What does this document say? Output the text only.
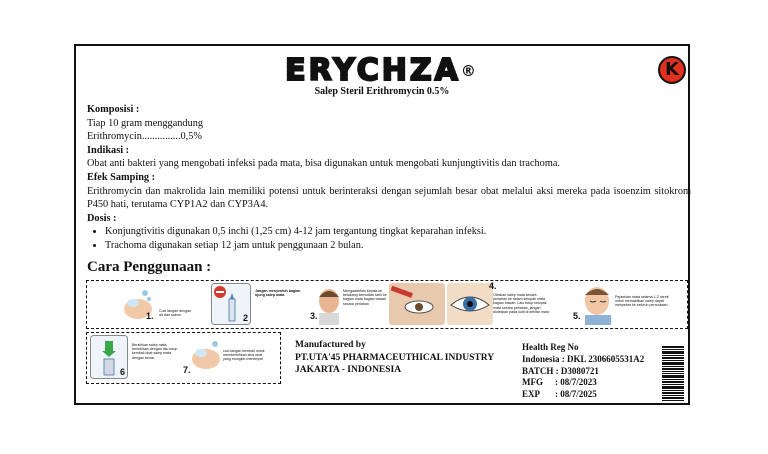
ERYCHZA®
Salep Steril Erithromycin 0.5%
K
Komposisi :
Tiap 10 gram menggandung
Erithromycin...............0,5%
Indikasi :
Obat anti bakteri yang mengobati infeksi pada mata, bisa digunakan untuk mengobati kunjungtivitis dan trachoma.
Efek Samping :
Erithromycin dan makrolida lain memiliki potensi untuk berinteraksi dengan sejumlah besar obat melalui aksi mereka pada isoenzim sitokrom P450 hati, terutama CYP1A2 dan CYP3A4.
Dosis :
• Konjungtivitis digunakan 0,5 inchi (1,25 cm) 4-12 jam tergantung tingkat keparahan infeksi.
• Trachoma digunakan setiap 12 jam untuk penggunaan 2 bulan.
Cara Penggunaan :
1. Cuci tangan dengan air dan sabun.	2
Jangan menyentuh bagian ujung salep mata
3.
Mengadahkan kepala ke belakang kemudian tarik ke bagian mata bagian bawah secara perlahan
4.
Oleskan salep mata secara perlahan ke dalam kelopak mata bagian bawah. Lalu tutup kelopak mata secara perlahan, jangan dioleskan pada kulit di sekitar mata	5.
Pejamkan mata selama 1-2 menit untuk memastikan salep dapat menyebar ke seluruh permukaan.
6
Bersihkan salep mata berlebihan dengan tisu tutup kembali obat salep mata dengan benar.
7.
cuci tangan kembali untuk membersihkan sisa obat yang mungkin menempel
Manufactured by
PT.UTA'45 PHARMACEUTHICAL INDUSTRY
JAKARTA - INDONESIA
Health Reg No
Indonesia : DKL 2306605531A2
BATCH : D3080721
MFG : 08/7/2023
EXP : 08/7/2025
